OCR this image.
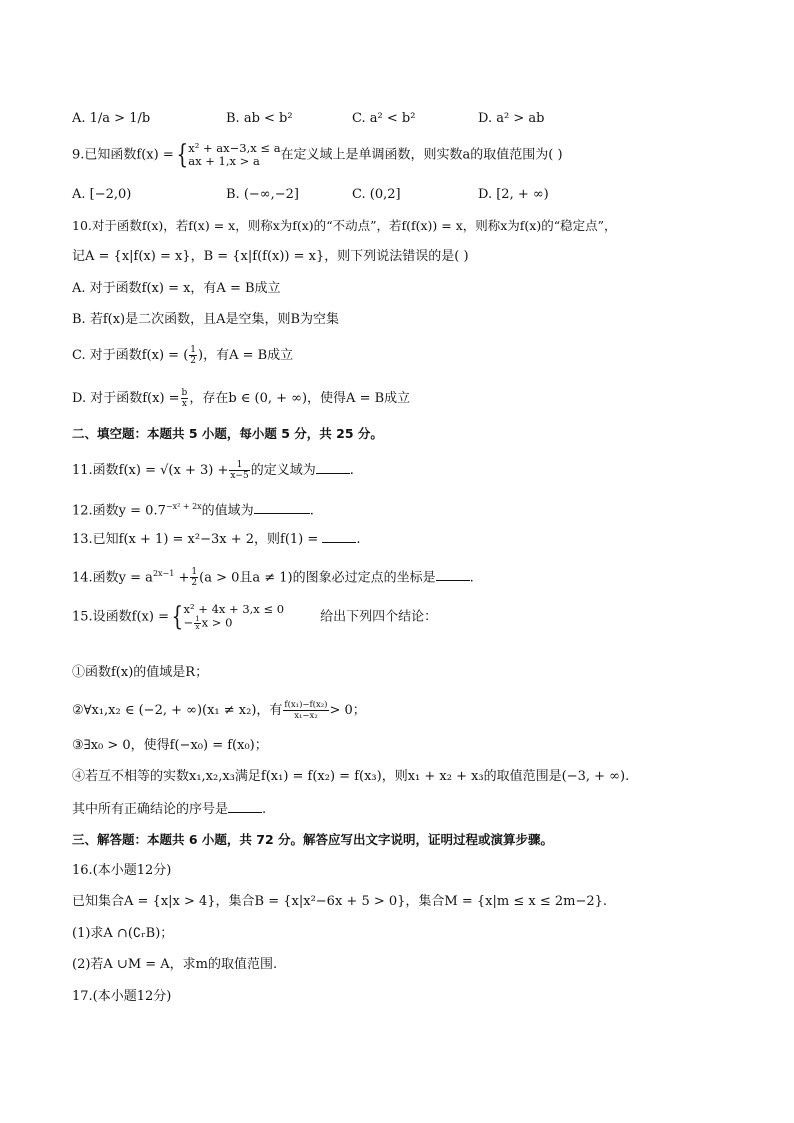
A. 1/a > 1/b	B. ab < b²	C. a² < b²	D. a² > ab
9.已知函数f(x) ={ x² + ax−3,x ≤ a
ax + 1,x > a	在定义域上是单调函数，则实数a的取值范围为( )
A. [−2,0)	B. (−∞,−2]	C. (0,2]	D. [2, + ∞)
10.对于函数f(x)，若f(x) = x，则称x为f(x)的“不动点”，若f(f(x)) = x，则称x为f(x)的“稳定点”，
记A = {x|f(x) = x}，B = {x|f(f(x)) = x}，则下列说法错误的是( )
A. 对于函数f(x) = x，有A = B成立
B. 若f(x)是二次函数，且A是空集，则B为空集
C. 对于函数f(x) = ( $\frac{1}{2}$ )，有A = B成立
D. 对于函数$f(x) = \frac{b}{x}$ ，存在b ∈ (0, + ∞)，使得A = B成立
二、填空题：本题共 5 小题，每小题 5 分，共 25 分。
11.函数$f(x) = √(x + 3) + \frac{1}{x-5}$ 的定义域为	.
12.函数$y = 0.7^{-x^2 + 2x}$的值域为	.
13.已知f(x + 1) = x²−3x + 2，则f(1) =	.
14.函数$y = a^{2x-1} + \frac{1}{2} (a > 0$且a ≠ 1)的图象必过定点的坐标是	.
15.设函数f(x) ={ x² + 4x + 3,x ≤ 0
− $\frac{1}{x}$ x > 0	给出下列四个结论：
①函数f(x)的值域是R；
②∀x₁,x₂ ∈ (−2, + ∞)(x₁ ≠ x₂)，有 $\frac{\text{f(x₁)−f(x₂)}}{\text{x₁−x₂}} > 0$；
③∃x₀ > 0，使得f(−x₀) = f(x₀)；
④若互不相等的实数x₁,x₂,x₃满足f(x₁) = f(x₂) = f(x₃)，则x₁ + x₂ + x₃的取值范围是(−3, + ∞).
其中所有正确结论的序号是	.
三、解答题：本题共 6 小题，共 72 分。解答应写出文字说明，证明过程或演算步骤。
16.(本小题12分)
已知集合A = {x|x > 4}，集合B = {x|x²−6x + 5 > 0}，集合M = {x|m ≤ x ≤ 2m−2}.
(1)求A ∩(∁ᵣB)；
(2)若A ∪M = A，求m的取值范围.
17.(本小题12分)
